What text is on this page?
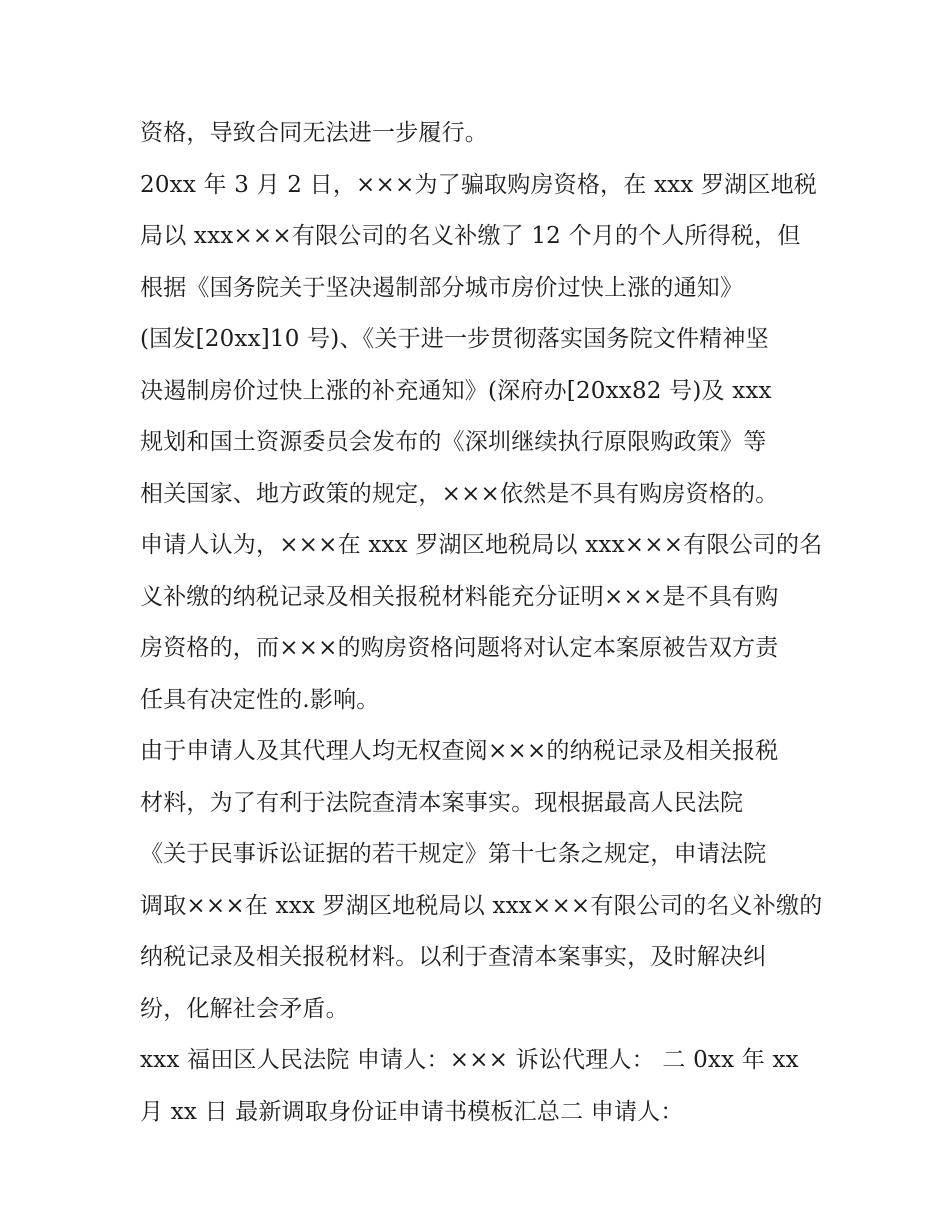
资格，导致合同无法进一步履行。
20xx 年 3 月 2 日，×××为了骗取购房资格，在 xxx 罗湖区地税
局以 xxx×××有限公司的名义补缴了 12 个月的个人所得税，但
根据《国务院关于坚决遏制部分城市房价过快上涨的通知》
(国发[20xx]10 号)、《关于进一步贯彻落实国务院文件精神坚
决遏制房价过快上涨的补充通知》(深府办[20xx82 号)及 xxx
规划和国土资源委员会发布的《深圳继续执行原限购政策》等
相关国家、地方政策的规定，×××依然是不具有购房资格的。
申请人认为，×××在 xxx 罗湖区地税局以 xxx×××有限公司的名
义补缴的纳税记录及相关报税材料能充分证明×××是不具有购
房资格的，而×××的购房资格问题将对认定本案原被告双方责
任具有决定性的.影响。
由于申请人及其代理人均无权查阅×××的纳税记录及相关报税
材料，为了有利于法院查清本案事实。现根据最高人民法院
《关于民事诉讼证据的若干规定》第十七条之规定，申请法院
调取×××在 xxx 罗湖区地税局以 xxx×××有限公司的名义补缴的
纳税记录及相关报税材料。以利于查清本案事实，及时解决纠
纷，化解社会矛盾。
xxx 福田区人民法院 申请人：××× 诉讼代理人： 二 0xx 年 xx
月 xx 日 最新调取身份证申请书模板汇总二 申请人：
